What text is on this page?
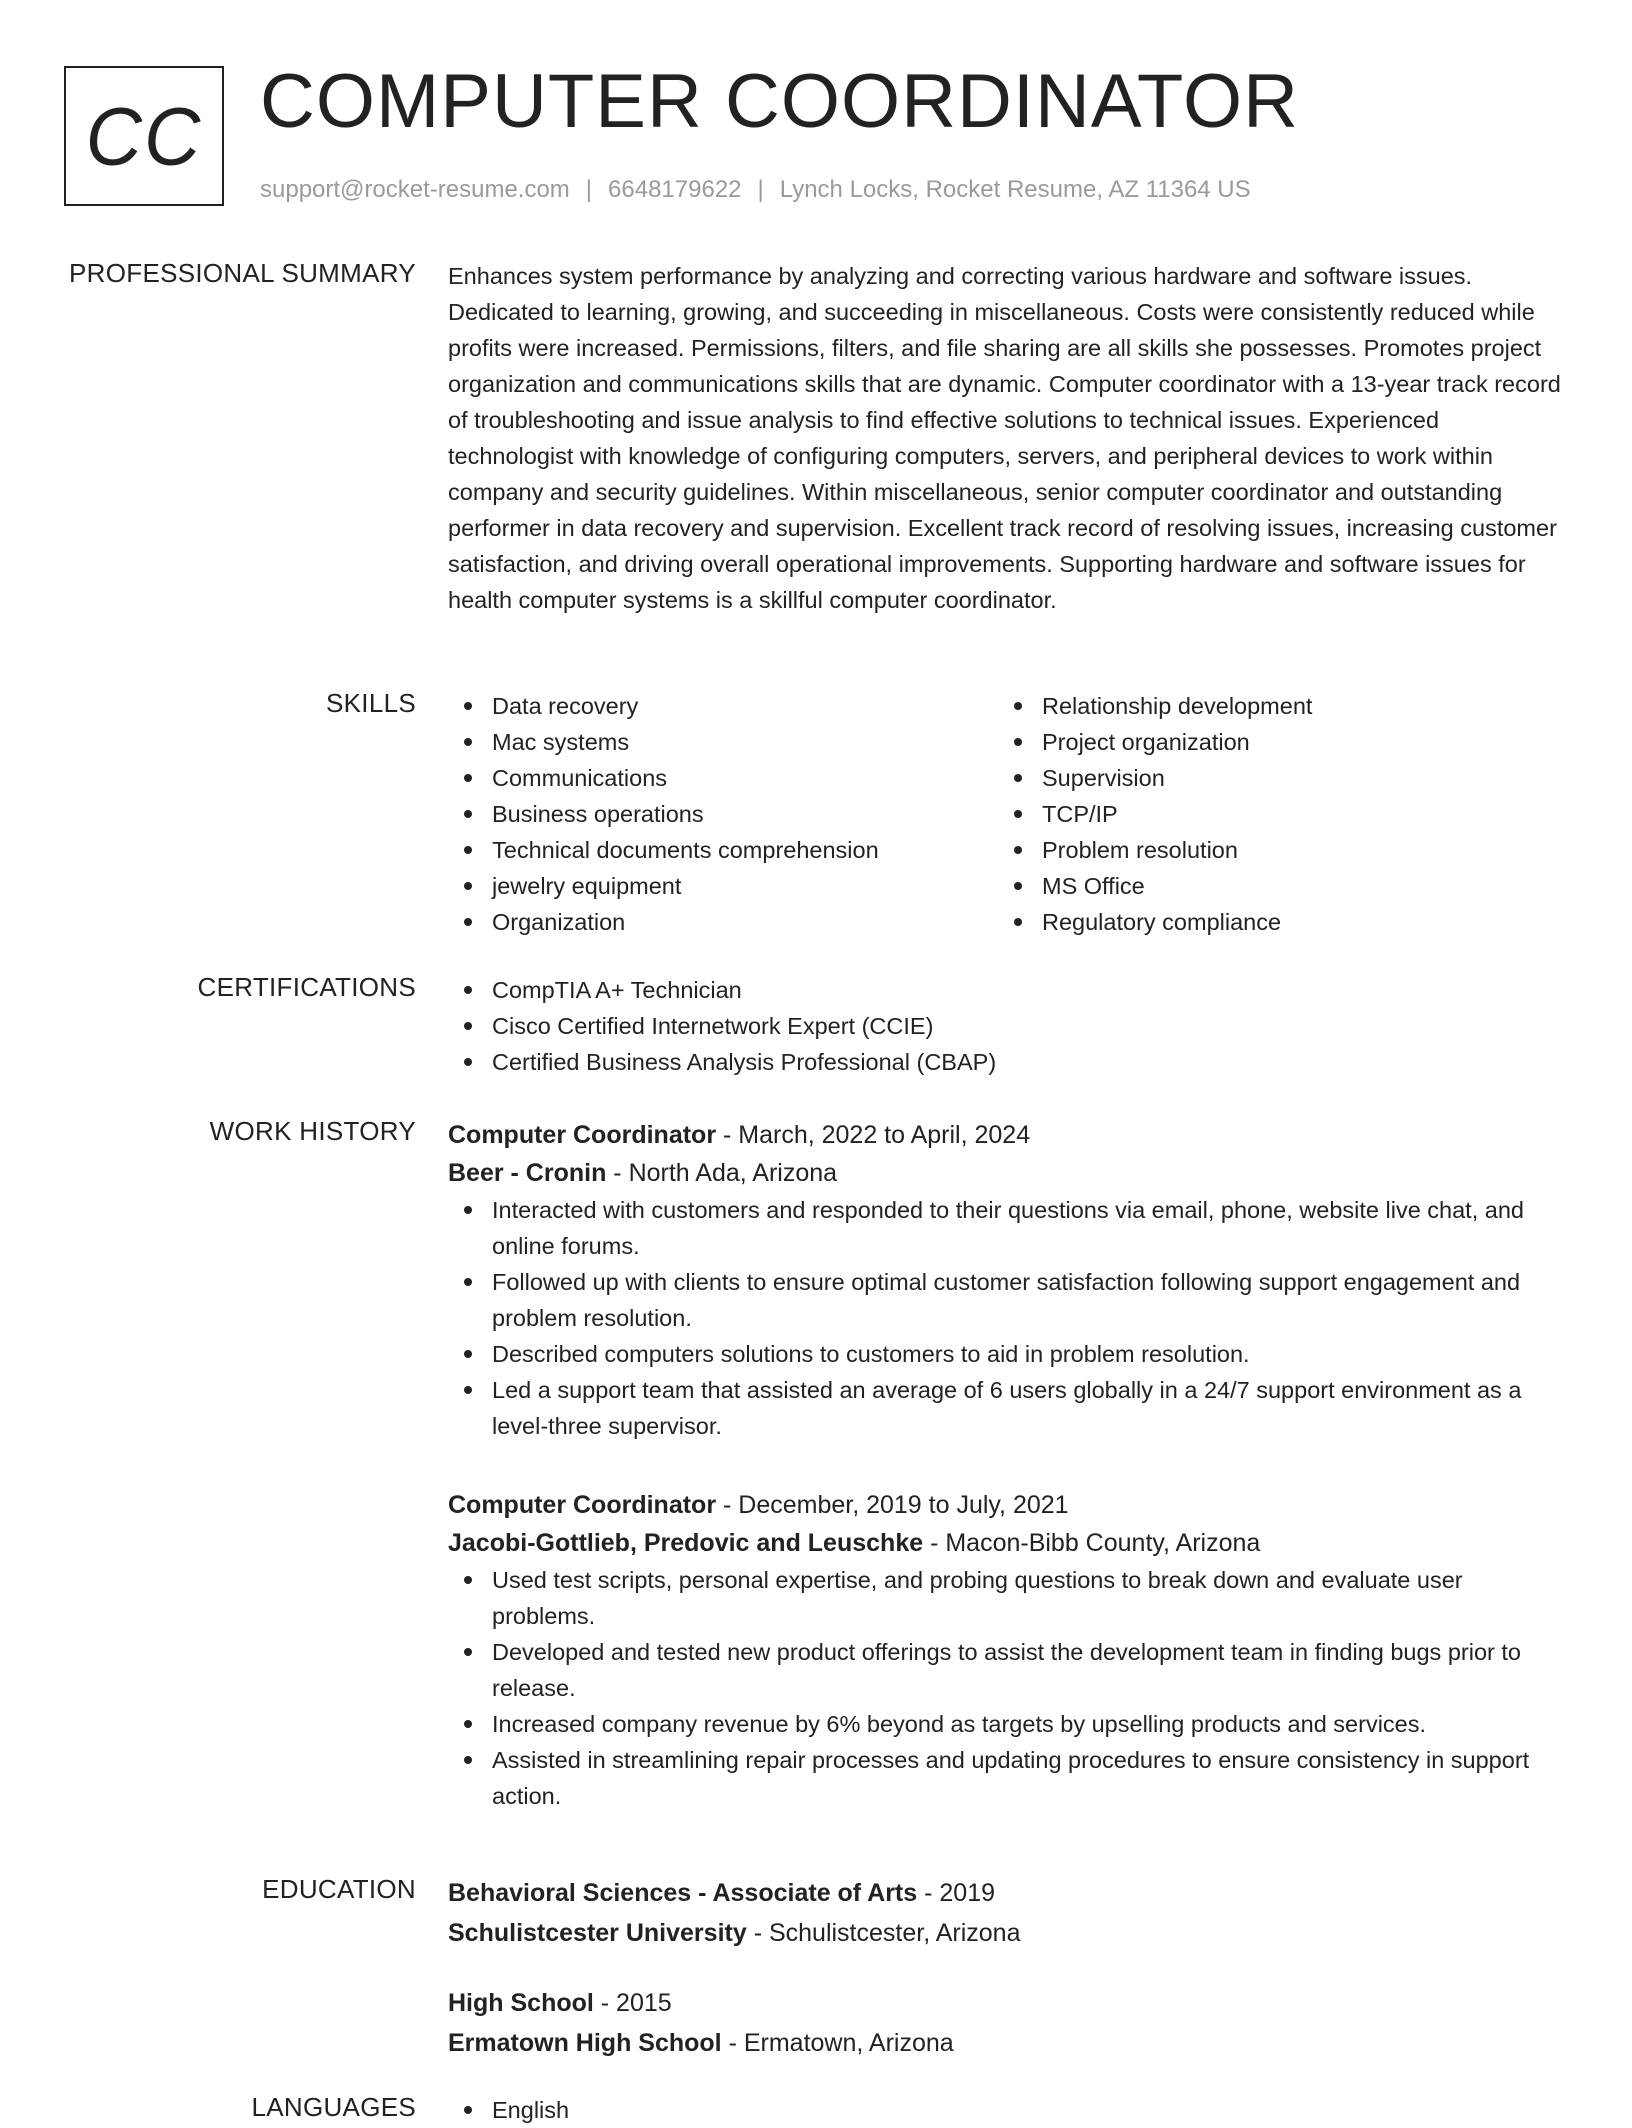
CC COMPUTER COORDINATOR
support@rocket-resume.com | 6648179622 | Lynch Locks, Rocket Resume, AZ 11364 US
PROFESSIONAL SUMMARY Enhances system performance by analyzing and correcting various hardware and software issues. Dedicated to learning, growing, and succeeding in miscellaneous. Costs were consistently reduced while profits were increased. Permissions, filters, and file sharing are all skills she possesses. Promotes project organization and communications skills that are dynamic. Computer coordinator with a 13-year track record of troubleshooting and issue analysis to find effective solutions to technical issues. Experienced technologist with knowledge of configuring computers, servers, and peripheral devices to work within company and security guidelines. Within miscellaneous, senior computer coordinator and outstanding performer in data recovery and supervision. Excellent track record of resolving issues, increasing customer satisfaction, and driving overall operational improvements. Supporting hardware and software issues for health computer systems is a skillful computer coordinator.

SKILLS	Data recovery
Mac systems
Communications
Business operations
Technical documents comprehension
jewelry equipment
Organization
Relationship development
Project organization
Supervision
TCP/IP
Problem resolution
MS Office
Regulatory compliance
CERTIFICATIONS	CompTIA A+ Technician
Cisco Certified Internetwork Expert (CCIE)
Certified Business Analysis Professional (CBAP)
WORK HISTORY Computer Coordinator - March, 2022 to April, 2024
Beer - Cronin - North Ada, Arizona
Interacted with customers and responded to their questions via email, phone, website live chat, and online forums.
Followed up with clients to ensure optimal customer satisfaction following support engagement and problem resolution.
Described computers solutions to customers to aid in problem resolution.
Led a support team that assisted an average of 6 users globally in a 24/7 support environment as a level-three supervisor.
Computer Coordinator - December, 2019 to July, 2021
Jacobi-Gottlieb, Predovic and Leuschke - Macon-Bibb County, Arizona
Used test scripts, personal expertise, and probing questions to break down and evaluate user problems.
Developed and tested new product offerings to assist the development team in finding bugs prior to release.
Increased company revenue by 6% beyond as targets by upselling products and services.
Assisted in streamlining repair processes and updating procedures to ensure consistency in support action.
EDUCATION Behavioral Sciences - Associate of Arts - 2019
Schulistcester University - Schulistcester, Arizona
High School - 2015
Ermatown High School - Ermatown, Arizona
LANGUAGES	English
